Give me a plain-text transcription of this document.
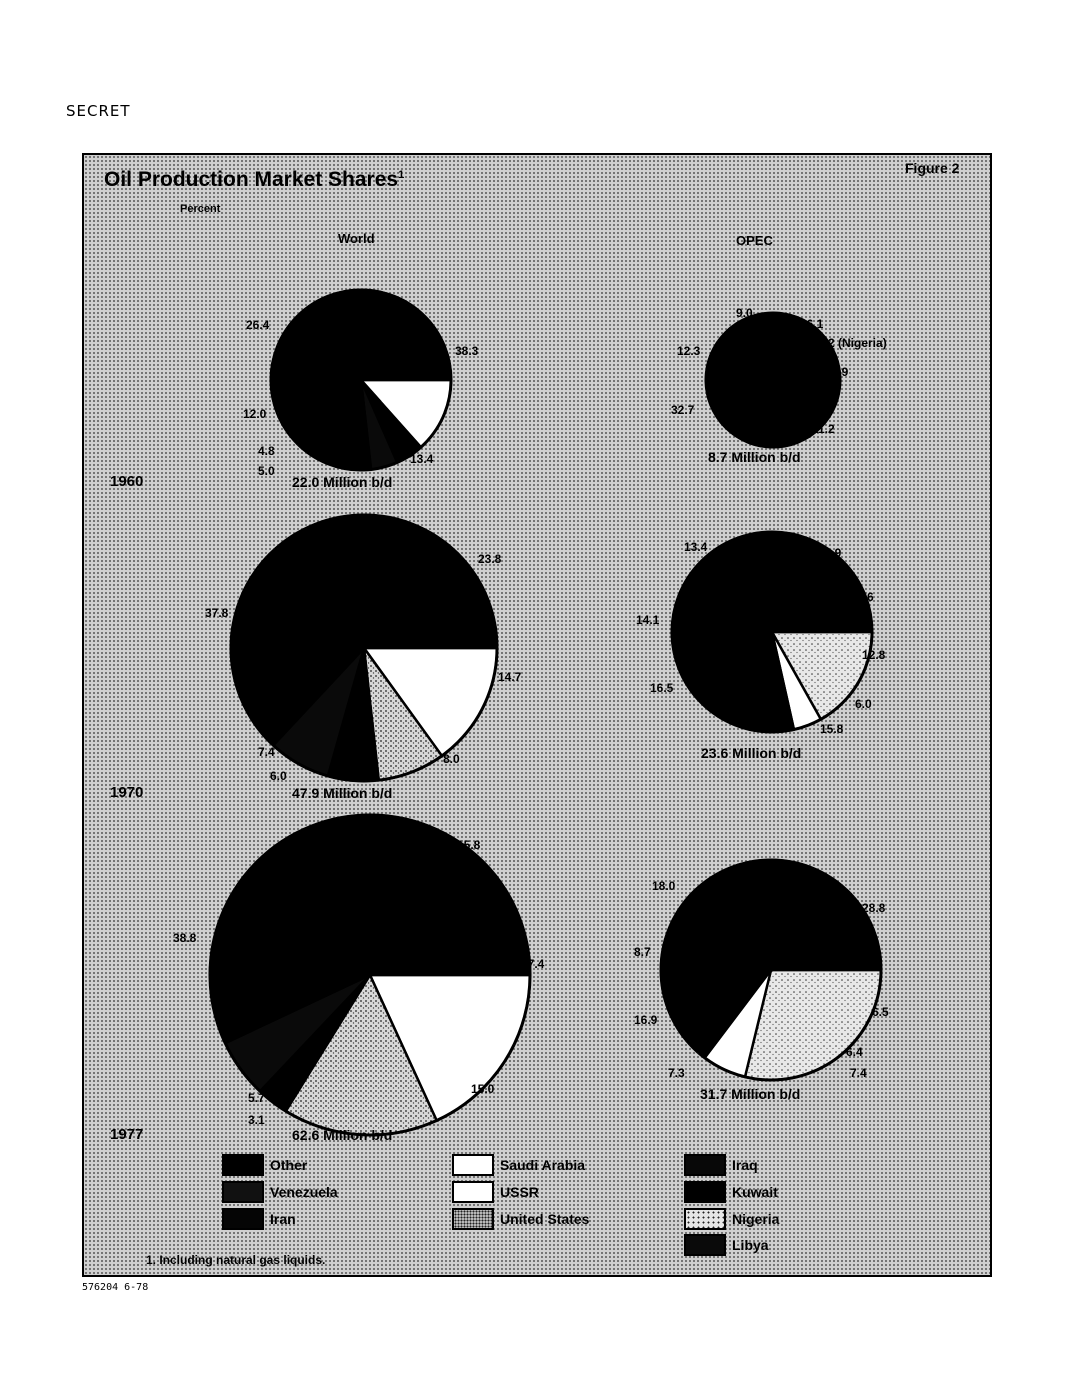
SECRET
Oil Production Market Shares$^1$	Figure 2
Percent
World	OPEC
13.4
5.0
4.8
12.0
26.4
38.3
22.0 Million b/d
16.1
0.2 (Nigeria)
18.9
11.2
32.7
12.3
9.0
8.7 Million b/d
1960
14.7
8.0
6.0
7.4
37.8
23.8
47.9 Million b/d
16.9
4.6
12.8
6.0
15.8
16.5
14.1
13.4
23.6 Million b/d
1970
17.4
15.0
3.1
5.7
38.8
15.8
62.6 Million b/d
28.8
6.5
6.4
7.4
7.3
16.9
8.7
18.0
31.7 Million b/d
1977
Other
Venezuela
Iran
Saudi Arabia
USSR
United States
Iraq
Kuwait
Nigeria
Libya
1. Including natural gas liquids.
576204 6-78
